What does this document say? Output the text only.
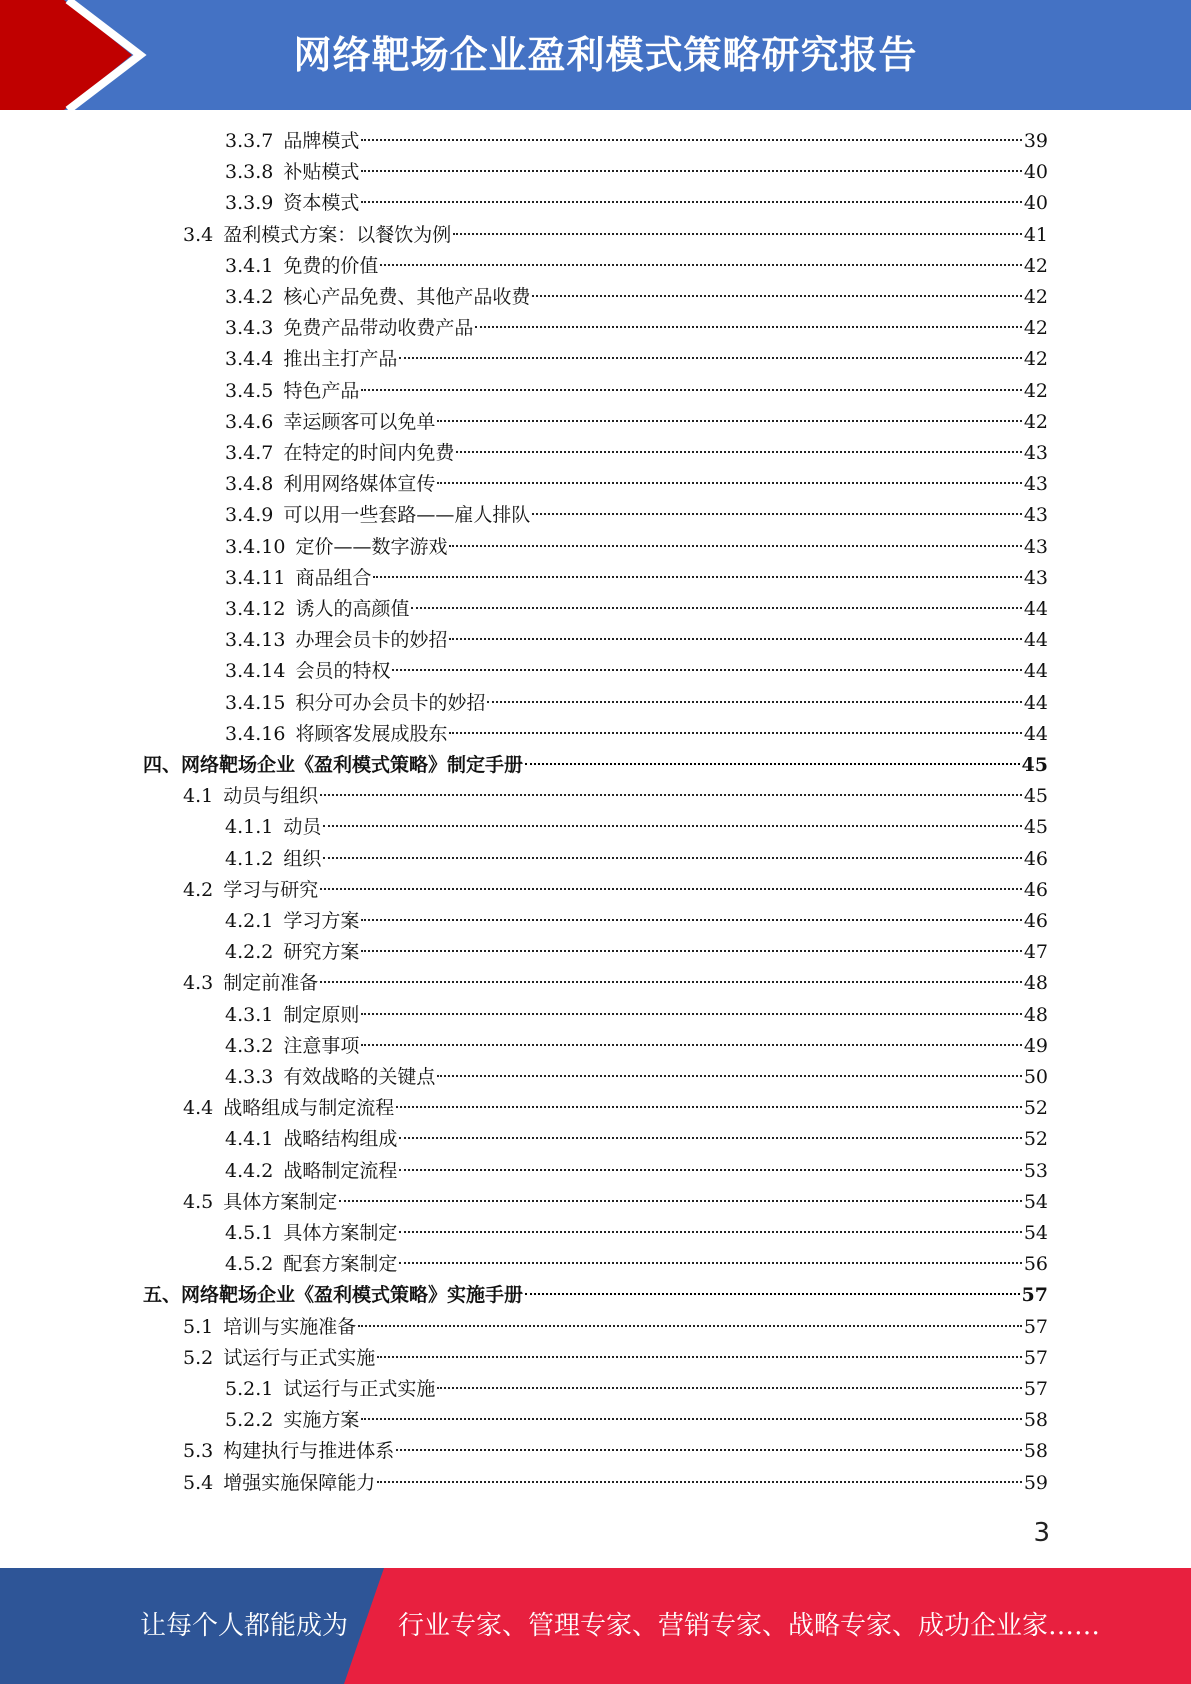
网络靶场企业盈利模式策略研究报告
3.3.7 品牌模式	39
3.3.8 补贴模式	40
3.3.9 资本模式	40
3.4 盈利模式方案：以餐饮为例	41
3.4.1 免费的价值	42
3.4.2 核心产品免费、其他产品收费	42
3.4.3 免费产品带动收费产品	42
3.4.4 推出主打产品	42
3.4.5 特色产品	42
3.4.6 幸运顾客可以免单	42
3.4.7 在特定的时间内免费	43
3.4.8 利用网络媒体宣传	43
3.4.9 可以用一些套路——雇人排队	43
3.4.10 定价——数字游戏	43
3.4.11 商品组合	43
3.4.12 诱人的高颜值	44
3.4.13 办理会员卡的妙招	44
3.4.14 会员的特权	44
3.4.15 积分可办会员卡的妙招	44
3.4.16 将顾客发展成股东	44
四、网络靶场企业《盈利模式策略》制定手册	45
4.1 动员与组织	45
4.1.1 动员	45
4.1.2 组织	46
4.2 学习与研究	46
4.2.1 学习方案	46
4.2.2 研究方案	47
4.3 制定前准备	48
4.3.1 制定原则	48
4.3.2 注意事项	49
4.3.3 有效战略的关键点	50
4.4 战略组成与制定流程	52
4.4.1 战略结构组成	52
4.4.2 战略制定流程	53
4.5 具体方案制定	54
4.5.1 具体方案制定	54
4.5.2 配套方案制定	56
五、网络靶场企业《盈利模式策略》实施手册	57
5.1 培训与实施准备	57
5.2 试运行与正式实施	57
5.2.1 试运行与正式实施	57
5.2.2 实施方案	58
5.3 构建执行与推进体系	58
5.4 增强实施保障能力	59
3
让每个人都能成为 行业专家、管理专家、营销专家、战略专家、成功企业家……
